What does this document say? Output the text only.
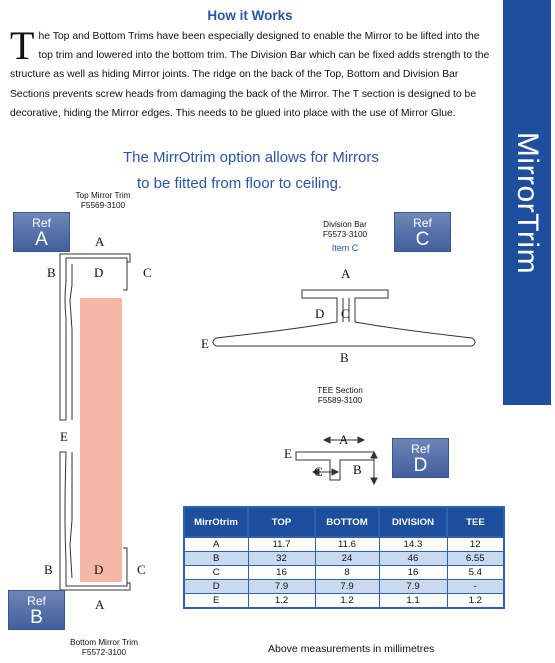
How it Works
The Top and Bottom Trims have been especially designed to enable the Mirror to be lifted into the top trim and lowered into the bottom trim. The Division Bar which can be fixed adds strength to the structure as well as hiding Mirror joints. The ridge on the back of the Top, Bottom and Division Bar Sections prevents screw heads from damaging the back of the Mirror. The T section is designed to be decorative, hiding the Mirror edges. This needs to be glued into place with the use of Mirror Glue.
The MirrOtrim option allows for Mirrors
to be fitted from floor to ceiling.	MirrorTrim
Ref
A
Ref
C
Ref
D
Ref
B
Top Mirror Trim
F5569-3100
Division Bar
F5573-3100
Item C
TEE Section
F5589-3100
Bottom Mirror Trim
F5572-3100
A
B	D	C
E
B	D	C
A
A
D C
E
B
A
E
C B
MirrOtrim	TOP	BOTTOM	DIVISION	TEE
A	11.7	11.6	14.3	12
B	32	24	46	6.55
C	16	8	16	5.4
D	7.9	7.9	7.9	-
E	1.2	1.2	1.1	1.2
Above measurements in millimetres
